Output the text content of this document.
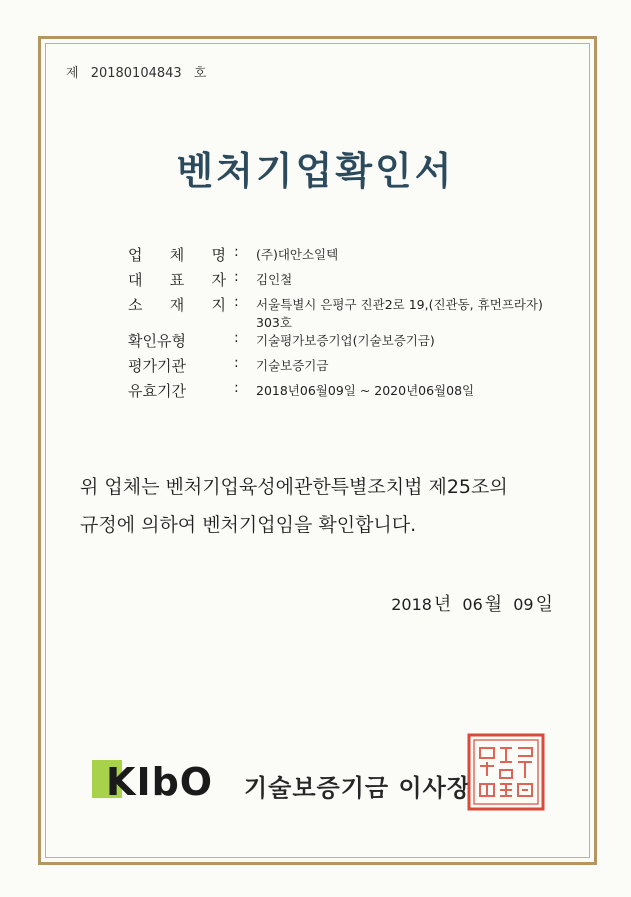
제 20180104843 호
벤처기업확인서
업 체 명 : (주)대안소일텍
대 표 자 : 김인철
소 재 지 : 서울특별시 은평구 진관2로 19,(진관동, 휴먼프라자)
303호
확인유형	: 기술평가보증기업(기술보증기금)
평가기관	: 기술보증기금
유효기간	: 2018년06월09일 ~ 2020년06월08일
위 업체는 벤처기업육성에관한특별조치법 제25조의
규정에 의하여 벤처기업임을 확인합니다.
2018 년 06 월 09 일
KIbO 기술보증기금 이사장
